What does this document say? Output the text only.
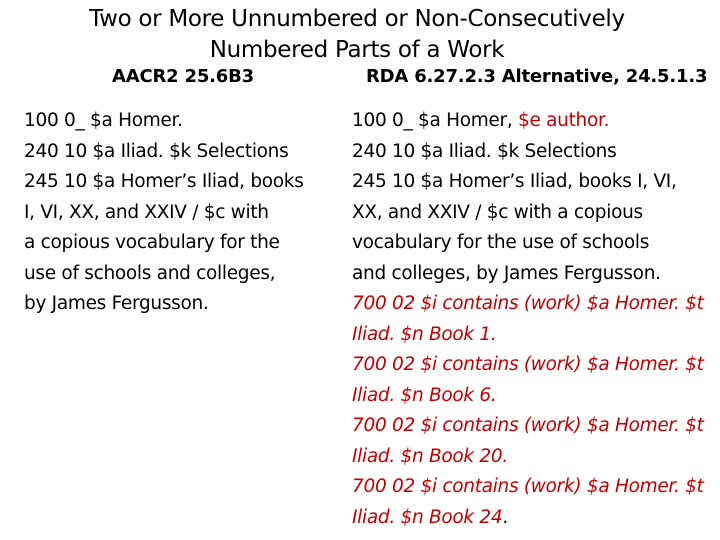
Two or More Unnumbered or Non-Consecutively
Numbered Parts of a Work
AACR2 25.6B3	RDA 6.27.2.3 Alternative, 24.5.1.3
100 0_ $a Homer.
240 10 $a Iliad. $k Selections
245 10 $a Homer’s Iliad, books
I, VI, XX, and XXIV / $c with
a copious vocabulary for the
use of schools and colleges,
by James Fergusson.
100 0_ $a Homer, $e author.
240 10 $a Iliad. $k Selections
245 10 $a Homer’s Iliad, books I, VI,
XX, and XXIV / $c with a copious
vocabulary for the use of schools
and colleges, by James Fergusson.
700 02 $i contains (work) $a Homer. $t
Iliad. $n Book 1.
700 02 $i contains (work) $a Homer. $t
Iliad. $n Book 6.
700 02 $i contains (work) $a Homer. $t
Iliad. $n Book 20.
700 02 $i contains (work) $a Homer. $t
Iliad. $n Book 24.
